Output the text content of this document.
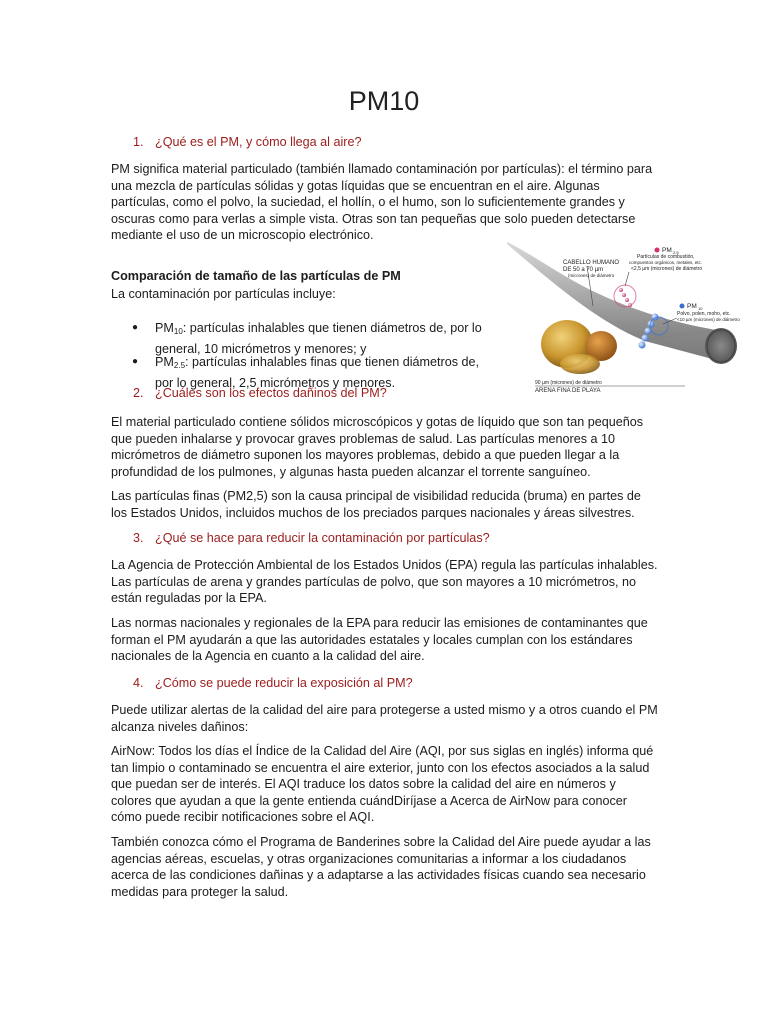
PM10
1. ¿Qué es el PM, y cómo llega al aire?

PM significa material particulado (también llamado contaminación por partículas): el término para una mezcla de partículas sólidas y gotas líquidas que se encuentran en el aire. Algunas partículas, como el polvo, la suciedad, el hollín, o el humo, son lo suficientemente grandes y oscuras como para verlas a simple vista. Otras son tan pequeñas que solo pueden detectarse mediante el uso de un microscopio electrónico.

Comparación de tamaño de las partículas de PM
La contaminación por partículas incluye:
● $PM_{10}$: partículas inhalables que tienen diámetros de, por lo general, 10 micrómetros y menores; y
● $PM_{2.5}$: partículas inhalables finas que tienen diámetros de, por lo general, 2,5 micrómetros y menores.
CABELLO HUMANO
DE 50 a 70 µm
(micrones) de diámetro
PM 2,5
Partículas de combustión,
compuestos orgánicos, metales, etc.
<2,5 µm (micrones) de diámetro
PM 10
Polvo, polen, moho, etc.
<10 µm (micrones) de diámetro
90 µm (micrones) de diámetro
ARENA FINA DE PLAYA
2. ¿Cuáles son los efectos dañinos del PM?

El material particulado contiene sólidos microscópicos y gotas de líquido que son tan pequeños que pueden inhalarse y provocar graves problemas de salud. Las partículas menores a 10 micrómetros de diámetro suponen los mayores problemas, debido a que pueden llegar a la profundidad de los pulmones, y algunas hasta pueden alcanzar el torrente sanguíneo.

Las partículas finas (PM2,5) son la causa principal de visibilidad reducida (bruma) en partes de los Estados Unidos, incluidos muchos de los preciados parques nacionales y áreas silvestres.

3. ¿Qué se hace para reducir la contaminación por partículas?

La Agencia de Protección Ambiental de los Estados Unidos (EPA) regula las partículas inhalables. Las partículas de arena y grandes partículas de polvo, que son mayores a 10 micrómetros, no están reguladas por la EPA.

Las normas nacionales y regionales de la EPA para reducir las emisiones de contaminantes que forman el PM ayudarán a que las autoridades estatales y locales cumplan con los estándares nacionales de la Agencia en cuanto a la calidad del aire.

4. ¿Cómo se puede reducir la exposición al PM?

Puede utilizar alertas de la calidad del aire para protegerse a usted mismo y a otros cuando el PM alcanza niveles dañinos:

AirNow: Todos los días el Índice de la Calidad del Aire (AQI, por sus siglas en inglés) informa qué tan limpio o contaminado se encuentra el aire exterior, junto con los efectos asociados a la salud que puedan ser de interés. El AQI traduce los datos sobre la calidad del aire en números y colores que ayudan a que la gente entienda cuándDiríjase a Acerca de AirNow para conocer cómo puede recibir notificaciones sobre el AQI.

También conozca cómo el Programa de Banderines sobre la Calidad del Aire puede ayudar a las agencias aéreas, escuelas, y otras organizaciones comunitarias a informar a los ciudadanos acerca de las condiciones dañinas y a adaptarse a las actividades físicas cuando sea necesario medidas para proteger la salud.
